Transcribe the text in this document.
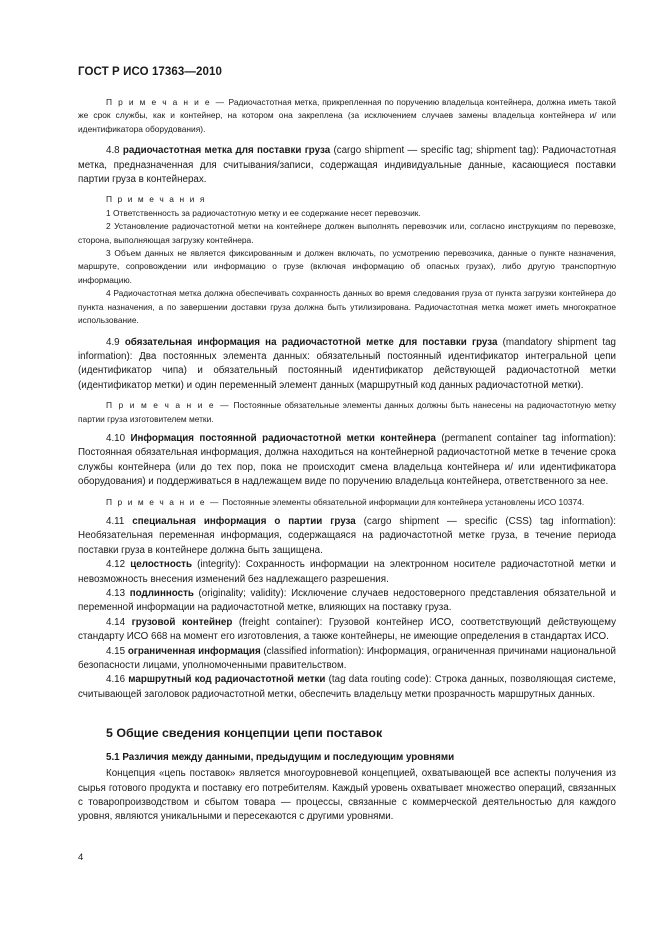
ГОСТ Р ИСО 17363—2010

П р и м е ч а н и е — Радиочастотная метка, прикрепленная по поручению владельца контейнера, должна иметь такой же срок службы, как и контейнер, на котором она закреплена (за исключением случаев замены владельца контейнера и/ или идентификатора оборудования).

4.8 радиочастотная метка для поставки груза (cargo shipment — specific tag; shipment tag): Радиочастотная метка, предназначенная для считывания/записи, содержащая индивидуальные данные, касающиеся поставки партии груза в контейнерах.

П р и м е ч а н и я

1 Ответственность за радиочастотную метку и ее содержание несет перевозчик.

2 Установление радиочастотной метки на контейнере должен выполнять перевозчик или, согласно инструкциям по перевозке, сторона, выполняющая загрузку контейнера.

3 Объем данных не является фиксированным и должен включать, по усмотрению перевозчика, данные о пункте назначения, маршруте, сопровождении или информацию о грузе (включая информацию об опасных грузах), либо другую транспортную информацию.

4 Радиочастотная метка должна обеспечивать сохранность данных во время следования груза от пункта загрузки контейнера до пункта назначения, а по завершении доставки груза должна быть утилизирована. Радиочастотная метка может иметь многократное использование.

4.9 обязательная информация на радиочастотной метке для поставки груза (mandatory shipment tag information): Два постоянных элемента данных: обязательный постоянный идентификатор интегральной цепи (идентификатор чипа) и обязательный постоянный идентификатор действующей радиочастотной метки (идентификатор метки) и один переменный элемент данных (маршрутный код данных радиочастотной метки).

П р и м е ч а н и е — Постоянные обязательные элементы данных должны быть нанесены на радиочастотную метку партии груза изготовителем метки.

4.10 Информация постоянной радиочастотной метки контейнера (permanent container tag information): Постоянная обязательная информация, должна находиться на контейнерной радиочастотной метке в течение срока службы контейнера (или до тех пор, пока не происходит смена владельца контейнера и/ или идентификатора оборудования) и поддерживаться в надлежащем виде по поручению владельца контейнера, ответственного за нее.

П р и м е ч а н и е — Постоянные элементы обязательной информации для контейнера установлены ИСО 10374.

4.11 специальная информация о партии груза (cargo shipment — specific (CSS) tag information): Необязательная переменная информация, содержащаяся на радиочастотной метке груза, в течение периода поставки груза в контейнере должна быть защищена.

4.12 целостность (integrity): Сохранность информации на электронном носителе радиочастотной метки и невозможность внесения изменений без надлежащего разрешения.

4.13 подлинность (originality; validity): Исключение случаев недостоверного представления обязательной и переменной информации на радиочастотной метке, влияющих на поставку груза.

4.14 грузовой контейнер (freight container): Грузовой контейнер ИСО, соответствующий действующему стандарту ИСО 668 на момент его изготовления, а также контейнеры, не имеющие определения в стандартах ИСО.

4.15 ограниченная информация (classified information): Информация, ограниченная причинами национальной безопасности лицами, уполномоченными правительством.

4.16 маршрутный код радиочастотной метки (tag data routing code): Строка данных, позволяющая системе, считывающей заголовок радиочастотной метки, обеспечить владельцу метки прозрачность маршрутных данных.

5 Общие сведения концепции цепи поставок

5.1 Различия между данными, предыдущим и последующим уровнями

Концепция «цепь поставок» является многоуровневой концепцией, охватывающей все аспекты получения из сырья готового продукта и поставку его потребителям. Каждый уровень охватывает множество операций, связанных с товаропроизводством и сбытом товара — процессы, связанные с коммерческой деятельностью для каждого уровня, являются уникальными и пересекаются с другими уровнями.

4
